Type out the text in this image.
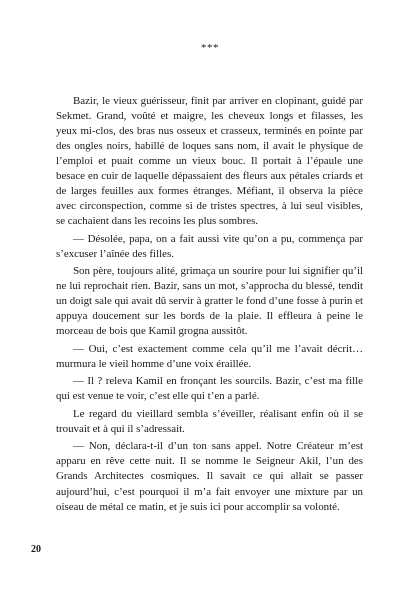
***

Bazir, le vieux guérisseur, finit par arriver en clopinant, guidé par Sekmet. Grand, voûté et maigre, les cheveux longs et filasses, les yeux mi-clos, des bras nus osseux et crasseux, terminés en pointe par des ongles noirs, habillé de loques sans nom, il avait le physique de l’emploi et puait comme un vieux bouc. Il portait à l’épaule une besace en cuir de laquelle dépassaient des fleurs aux pétales criards et de larges feuilles aux formes étranges. Méfiant, il observa la pièce avec circonspection, comme si de tristes spectres, à lui seul visibles, se cachaient dans les recoins les plus sombres.

— Désolée, papa, on a fait aussi vite qu’on a pu, commença par s’excuser l’aînée des filles.

Son père, toujours alité, grimaça un sourire pour lui signifier qu’il ne lui reprochait rien. Bazir, sans un mot, s’approcha du blessé, tendit un doigt sale qui avait dû servir à gratter le fond d’une fosse à purin et appuya doucement sur les bords de la plaie. Il effleura à peine le morceau de bois que Kamil grogna aussitôt.

— Oui, c’est exactement comme cela qu’il me l’avait décrit… murmura le vieil homme d’une voix éraillée.

— Il ? releva Kamil en fronçant les sourcils. Bazir, c’est ma fille qui est venue te voir, c’est elle qui t’en a parlé.

Le regard du vieillard sembla s’éveiller, réalisant enfin où il se trouvait et à qui il s’adressait.

— Non, déclara-t-il d’un ton sans appel. Notre Créateur m’est apparu en rêve cette nuit. Il se nomme le Seigneur Akil, l’un des Grands Architectes cosmiques. Il savait ce qui allait se passer aujourd’hui, c’est pourquoi il m’a fait envoyer une mixture par un oiseau de métal ce matin, et je suis ici pour accomplir sa volonté.

20
